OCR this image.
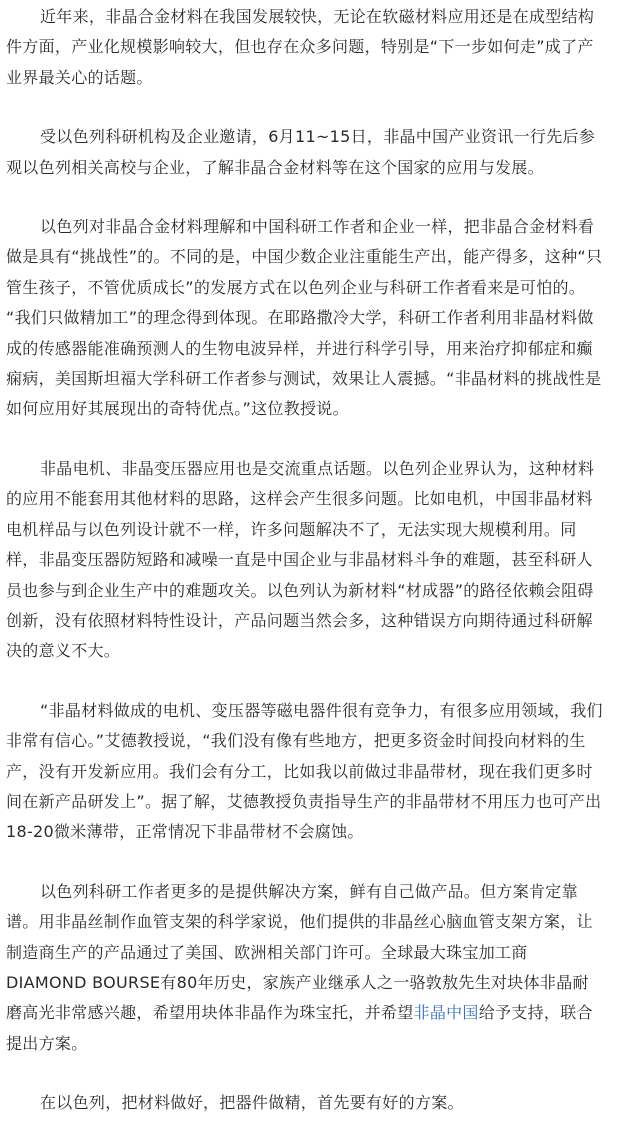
近年来，非晶合金材料在我国发展较快，无论在软磁材料应用还是在成型结构
件方面，产业化规模影响较大，但也存在众多问题，特别是“下一步如何走”成了产
业界最关心的话题。

受以色列科研机构及企业邀请，6月11~15日，非晶中国产业资讯一行先后参
观以色列相关高校与企业，了解非晶合金材料等在这个国家的应用与发展。

以色列对非晶合金材料理解和中国科研工作者和企业一样，把非晶合金材料看
做是具有“挑战性”的。不同的是，中国少数企业注重能生产出，能产得多，这种“只
管生孩子，不管优质成长”的发展方式在以色列企业与科研工作者看来是可怕的。
“我们只做精加工”的理念得到体现。在耶路撒冷大学，科研工作者利用非晶材料做
成的传感器能准确预测人的生物电波异样，并进行科学引导，用来治疗抑郁症和癫
痫病，美国斯坦福大学科研工作者参与测试，效果让人震撼。“非晶材料的挑战性是
如何应用好其展现出的奇特优点。”这位教授说。

非晶电机、非晶变压器应用也是交流重点话题。以色列企业界认为，这种材料
的应用不能套用其他材料的思路，这样会产生很多问题。比如电机，中国非晶材料
电机样品与以色列设计就不一样，许多问题解决不了，无法实现大规模利用。同
样，非晶变压器防短路和减噪一直是中国企业与非晶材料斗争的难题，甚至科研人
员也参与到企业生产中的难题攻关。以色列认为新材料“材成器”的路径依赖会阻碍
创新，没有依照材料特性设计，产品问题当然会多，这种错误方向期待通过科研解
决的意义不大。

“非晶材料做成的电机、变压器等磁电器件很有竞争力，有很多应用领域，我们
非常有信心。”艾德教授说，“我们没有像有些地方，把更多资金时间投向材料的生
产，没有开发新应用。我们会有分工，比如我以前做过非晶带材，现在我们更多时
间在新产品研发上”。据了解，艾德教授负责指导生产的非晶带材不用压力也可产出
18-20微米薄带，正常情况下非晶带材不会腐蚀。

以色列科研工作者更多的是提供解决方案，鲜有自己做产品。但方案肯定靠
谱。用非晶丝制作血管支架的科学家说，他们提供的非晶丝心脑血管支架方案，让
制造商生产的产品通过了美国、欧洲相关部门许可。全球最大珠宝加工商
DIAMOND BOURSE有80年历史，家族产业继承人之一骆敦敖先生对块体非晶耐
磨高光非常感兴趣，希望用块体非晶作为珠宝托，并希望非晶中国给予支持，联合
提出方案。

在以色列，把材料做好，把器件做精，首先要有好的方案。
